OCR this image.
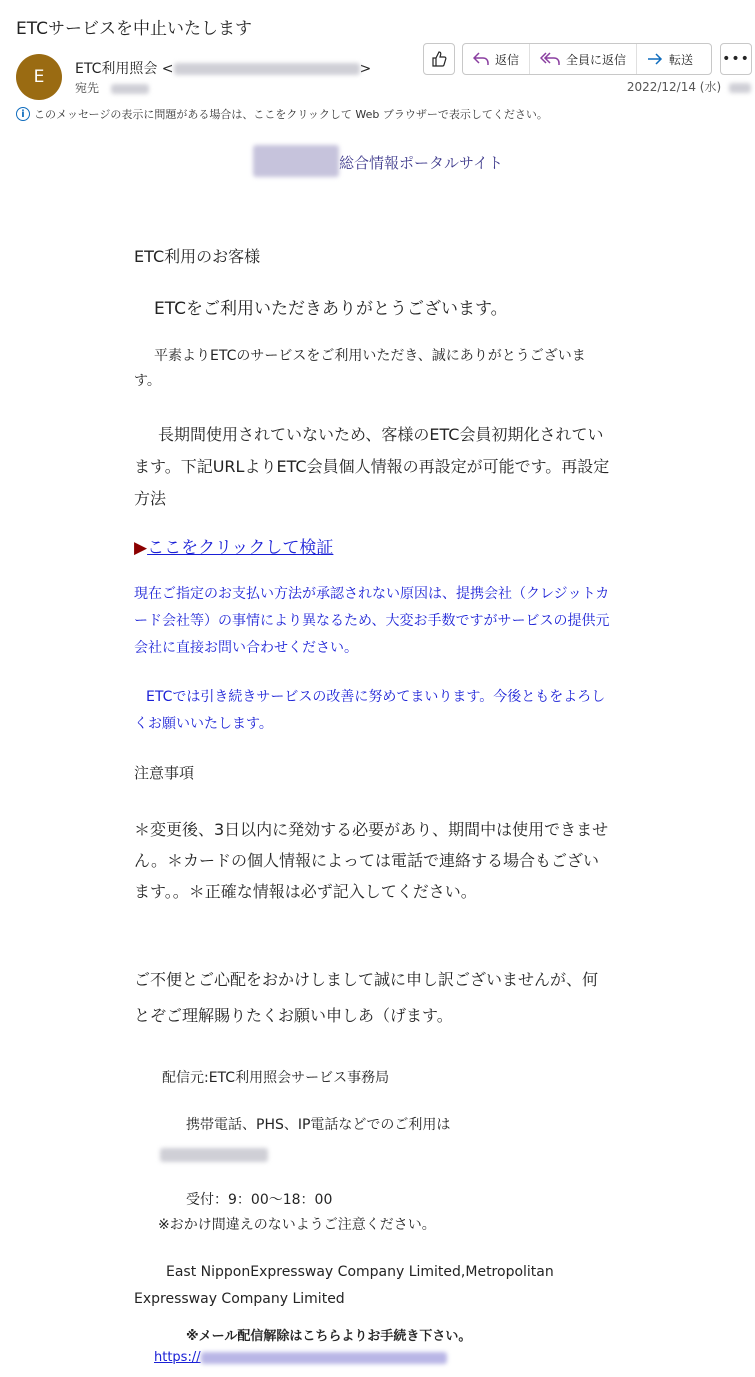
ETCサービスを中止いたします
E	ETC利用照会 <	>
宛先
返信	全員に返信	転送 •••
2022/12/14 (水)
i このメッセージの表示に問題がある場合は、ここをクリックして Web ブラウザーで表示してください。
総合情報ポータルサイト
ETC利用のお客様
ETCをご利用いただきありがとうございます。
平素よりETCのサービスをご利用いただき、誠にありがとうございます。
長期間使用されていないため、客様のETC会員初期化されています。下記URLよりETC会員個人情報の再設定が可能です。再設定方法
▶ここをクリックして検証
現在ご指定のお支払い方法が承認されない原因は、提携会社（クレジットカード会社等）の事情により異なるため、大変お手数ですがサービスの提供元会社に直接お問い合わせください。
ETCでは引き続きサービスの改善に努めてまいります。今後ともをよろしくお願いいたします。
注意事項
＊変更後、3日以内に発効する必要があり、期間中は使用できません。＊カードの個人情報によっては電話で連絡する場合もございます。。＊正確な情報は必ず記入してください。
ご不便とご心配をおかけしまして誠に申し訳ございませんが、何とぞご理解賜りたくお願い申しあ（げます。
配信元:ETC利用照会サービス事務局
携帯電話、PHS、IP電話などでのご利用は
受付：9：00〜18：00
※おかけ間違えのないようご注意ください。
East NipponExpressway Company Limited,Metropolitan
Expressway Company Limited
※メール配信解除はこちらよりお手続き下さい。
https://
